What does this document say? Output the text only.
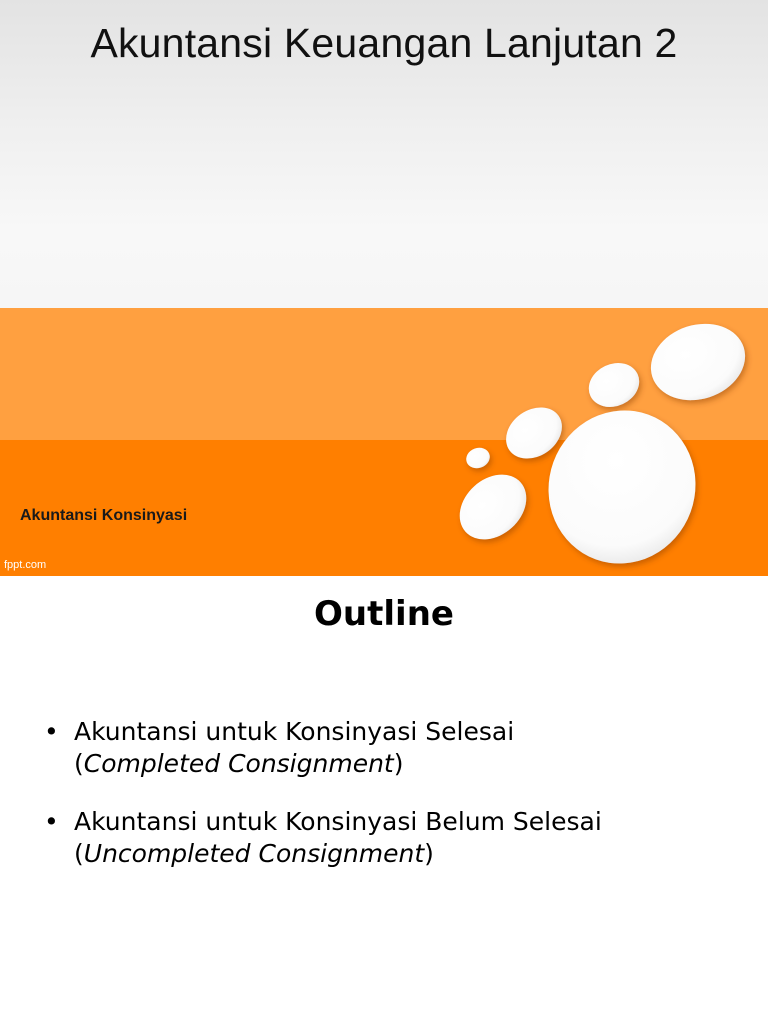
Akuntansi Keuangan Lanjutan 2

Akuntansi Konsinyasi

fppt.com
Outline
• Akuntansi untuk Konsinyasi Selesai
(Completed Consignment)
• Akuntansi untuk Konsinyasi Belum Selesai
(Uncompleted Consignment)
